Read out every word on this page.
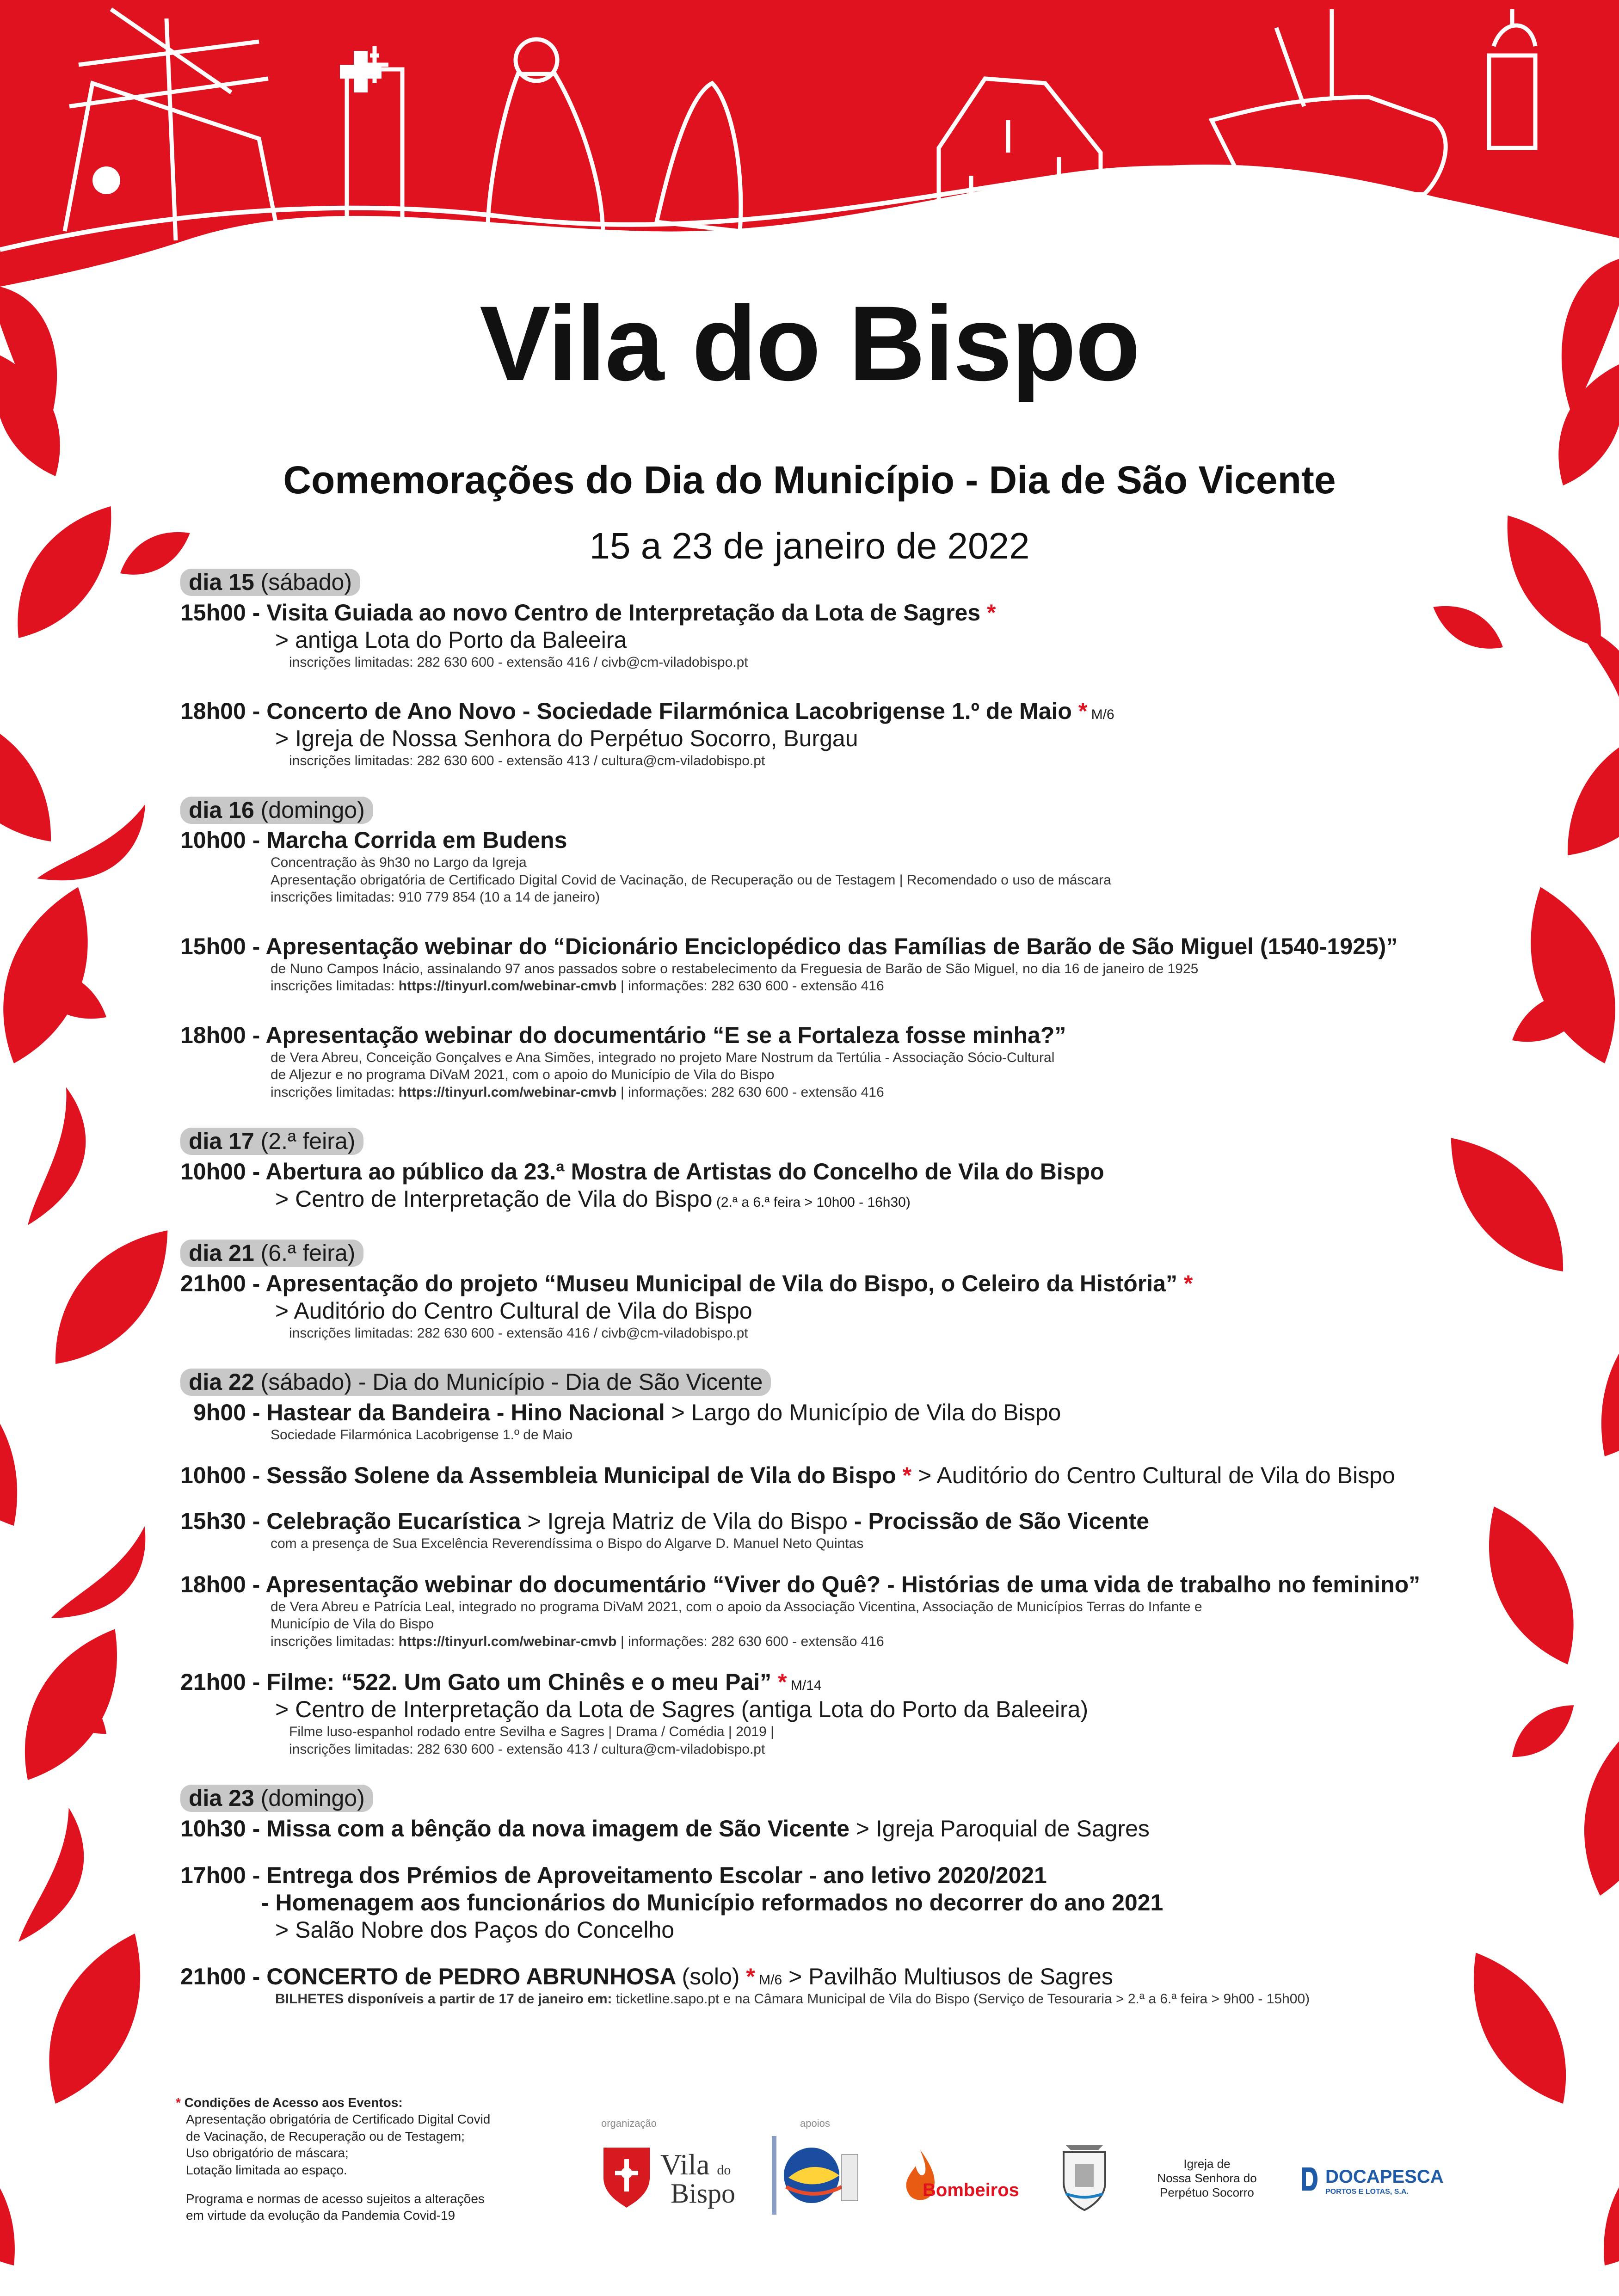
Vila do Bispo
Comemorações do Dia do Município - Dia de São Vicente
15 a 23 de janeiro de 2022
dia 15 (sábado)
15h00 - Visita Guiada ao novo Centro de Interpretação da Lota de Sagres *
> antiga Lota do Porto da Baleeira
inscrições limitadas: 282 630 600 - extensão 416 / civb@cm-viladobispo.pt
18h00 - Concerto de Ano Novo - Sociedade Filarmónica Lacobrigense 1.º de Maio * M/6
> Igreja de Nossa Senhora do Perpétuo Socorro, Burgau
inscrições limitadas: 282 630 600 - extensão 413 / cultura@cm-viladobispo.pt
dia 16 (domingo)
10h00 - Marcha Corrida em Budens
Concentração às 9h30 no Largo da Igreja
Apresentação obrigatória de Certificado Digital Covid de Vacinação, de Recuperação ou de Testagem | Recomendado o uso de máscara
inscrições limitadas: 910 779 854 (10 a 14 de janeiro)
15h00 - Apresentação webinar do “Dicionário Enciclopédico das Famílias de Barão de São Miguel (1540-1925)”
de Nuno Campos Inácio, assinalando 97 anos passados sobre o restabelecimento da Freguesia de Barão de São Miguel, no dia 16 de janeiro de 1925
inscrições limitadas: https://tinyurl.com/webinar-cmvb | informações: 282 630 600 - extensão 416
18h00 - Apresentação webinar do documentário “E se a Fortaleza fosse minha?”
de Vera Abreu, Conceição Gonçalves e Ana Simões, integrado no projeto Mare Nostrum da Tertúlia - Associação Sócio-Cultural
de Aljezur e no programa DiVaM 2021, com o apoio do Município de Vila do Bispo
inscrições limitadas: https://tinyurl.com/webinar-cmvb | informações: 282 630 600 - extensão 416
dia 17 (2.ª feira)
10h00 - Abertura ao público da 23.ª Mostra de Artistas do Concelho de Vila do Bispo
> Centro de Interpretação de Vila do Bispo (2.ª a 6.ª feira > 10h00 - 16h30)
dia 21 (6.ª feira)
21h00 - Apresentação do projeto “Museu Municipal de Vila do Bispo, o Celeiro da História” *
> Auditório do Centro Cultural de Vila do Bispo
inscrições limitadas: 282 630 600 - extensão 416 / civb@cm-viladobispo.pt
dia 22 (sábado) - Dia do Município - Dia de São Vicente
9h00 - Hastear da Bandeira - Hino Nacional > Largo do Município de Vila do Bispo
Sociedade Filarmónica Lacobrigense 1.º de Maio
10h00 - Sessão Solene da Assembleia Municipal de Vila do Bispo * > Auditório do Centro Cultural de Vila do Bispo
15h30 - Celebração Eucarística > Igreja Matriz de Vila do Bispo - Procissão de São Vicente
com a presença de Sua Excelência Reverendíssima o Bispo do Algarve D. Manuel Neto Quintas
18h00 - Apresentação webinar do documentário “Viver do Quê? - Histórias de uma vida de trabalho no feminino”
de Vera Abreu e Patrícia Leal, integrado no programa DiVaM 2021, com o apoio da Associação Vicentina, Associação de Municípios Terras do Infante e
Município de Vila do Bispo
inscrições limitadas: https://tinyurl.com/webinar-cmvb | informações: 282 630 600 - extensão 416
21h00 - Filme: “522. Um Gato um Chinês e o meu Pai” * M/14
> Centro de Interpretação da Lota de Sagres (antiga Lota do Porto da Baleeira)
Filme luso-espanhol rodado entre Sevilha e Sagres | Drama / Comédia | 2019 |
inscrições limitadas: 282 630 600 - extensão 413 / cultura@cm-viladobispo.pt
dia 23 (domingo)
10h30 - Missa com a bênção da nova imagem de São Vicente > Igreja Paroquial de Sagres
17h00 - Entrega dos Prémios de Aproveitamento Escolar - ano letivo 2020/2021
- Homenagem aos funcionários do Município reformados no decorrer do ano 2021
> Salão Nobre dos Paços do Concelho
21h00 - CONCERTO de PEDRO ABRUNHOSA (solo) * M/6 > Pavilhão Multiusos de Sagres
BILHETES disponíveis a partir de 17 de janeiro em: ticketline.sapo.pt e na Câmara Municipal de Vila do Bispo (Serviço de Tesouraria > 2.ª a 6.ª feira > 9h00 - 15h00)
* Condições de Acesso aos Eventos:
Apresentação obrigatória de Certificado Digital Covid
de Vacinação, de Recuperação ou de Testagem;
Uso obrigatório de máscara;
Lotação limitada ao espaço.
Programa e normas de acesso sujeitos a alterações
em virtude da evolução da Pandemia Covid-19
organização	apoios
Vila do
Bispo	Bombeiros
Igreja de
Nossa Senhora do
Perpétuo Socorro
DOCAPESCA
PORTOS E LOTAS, S.A.
